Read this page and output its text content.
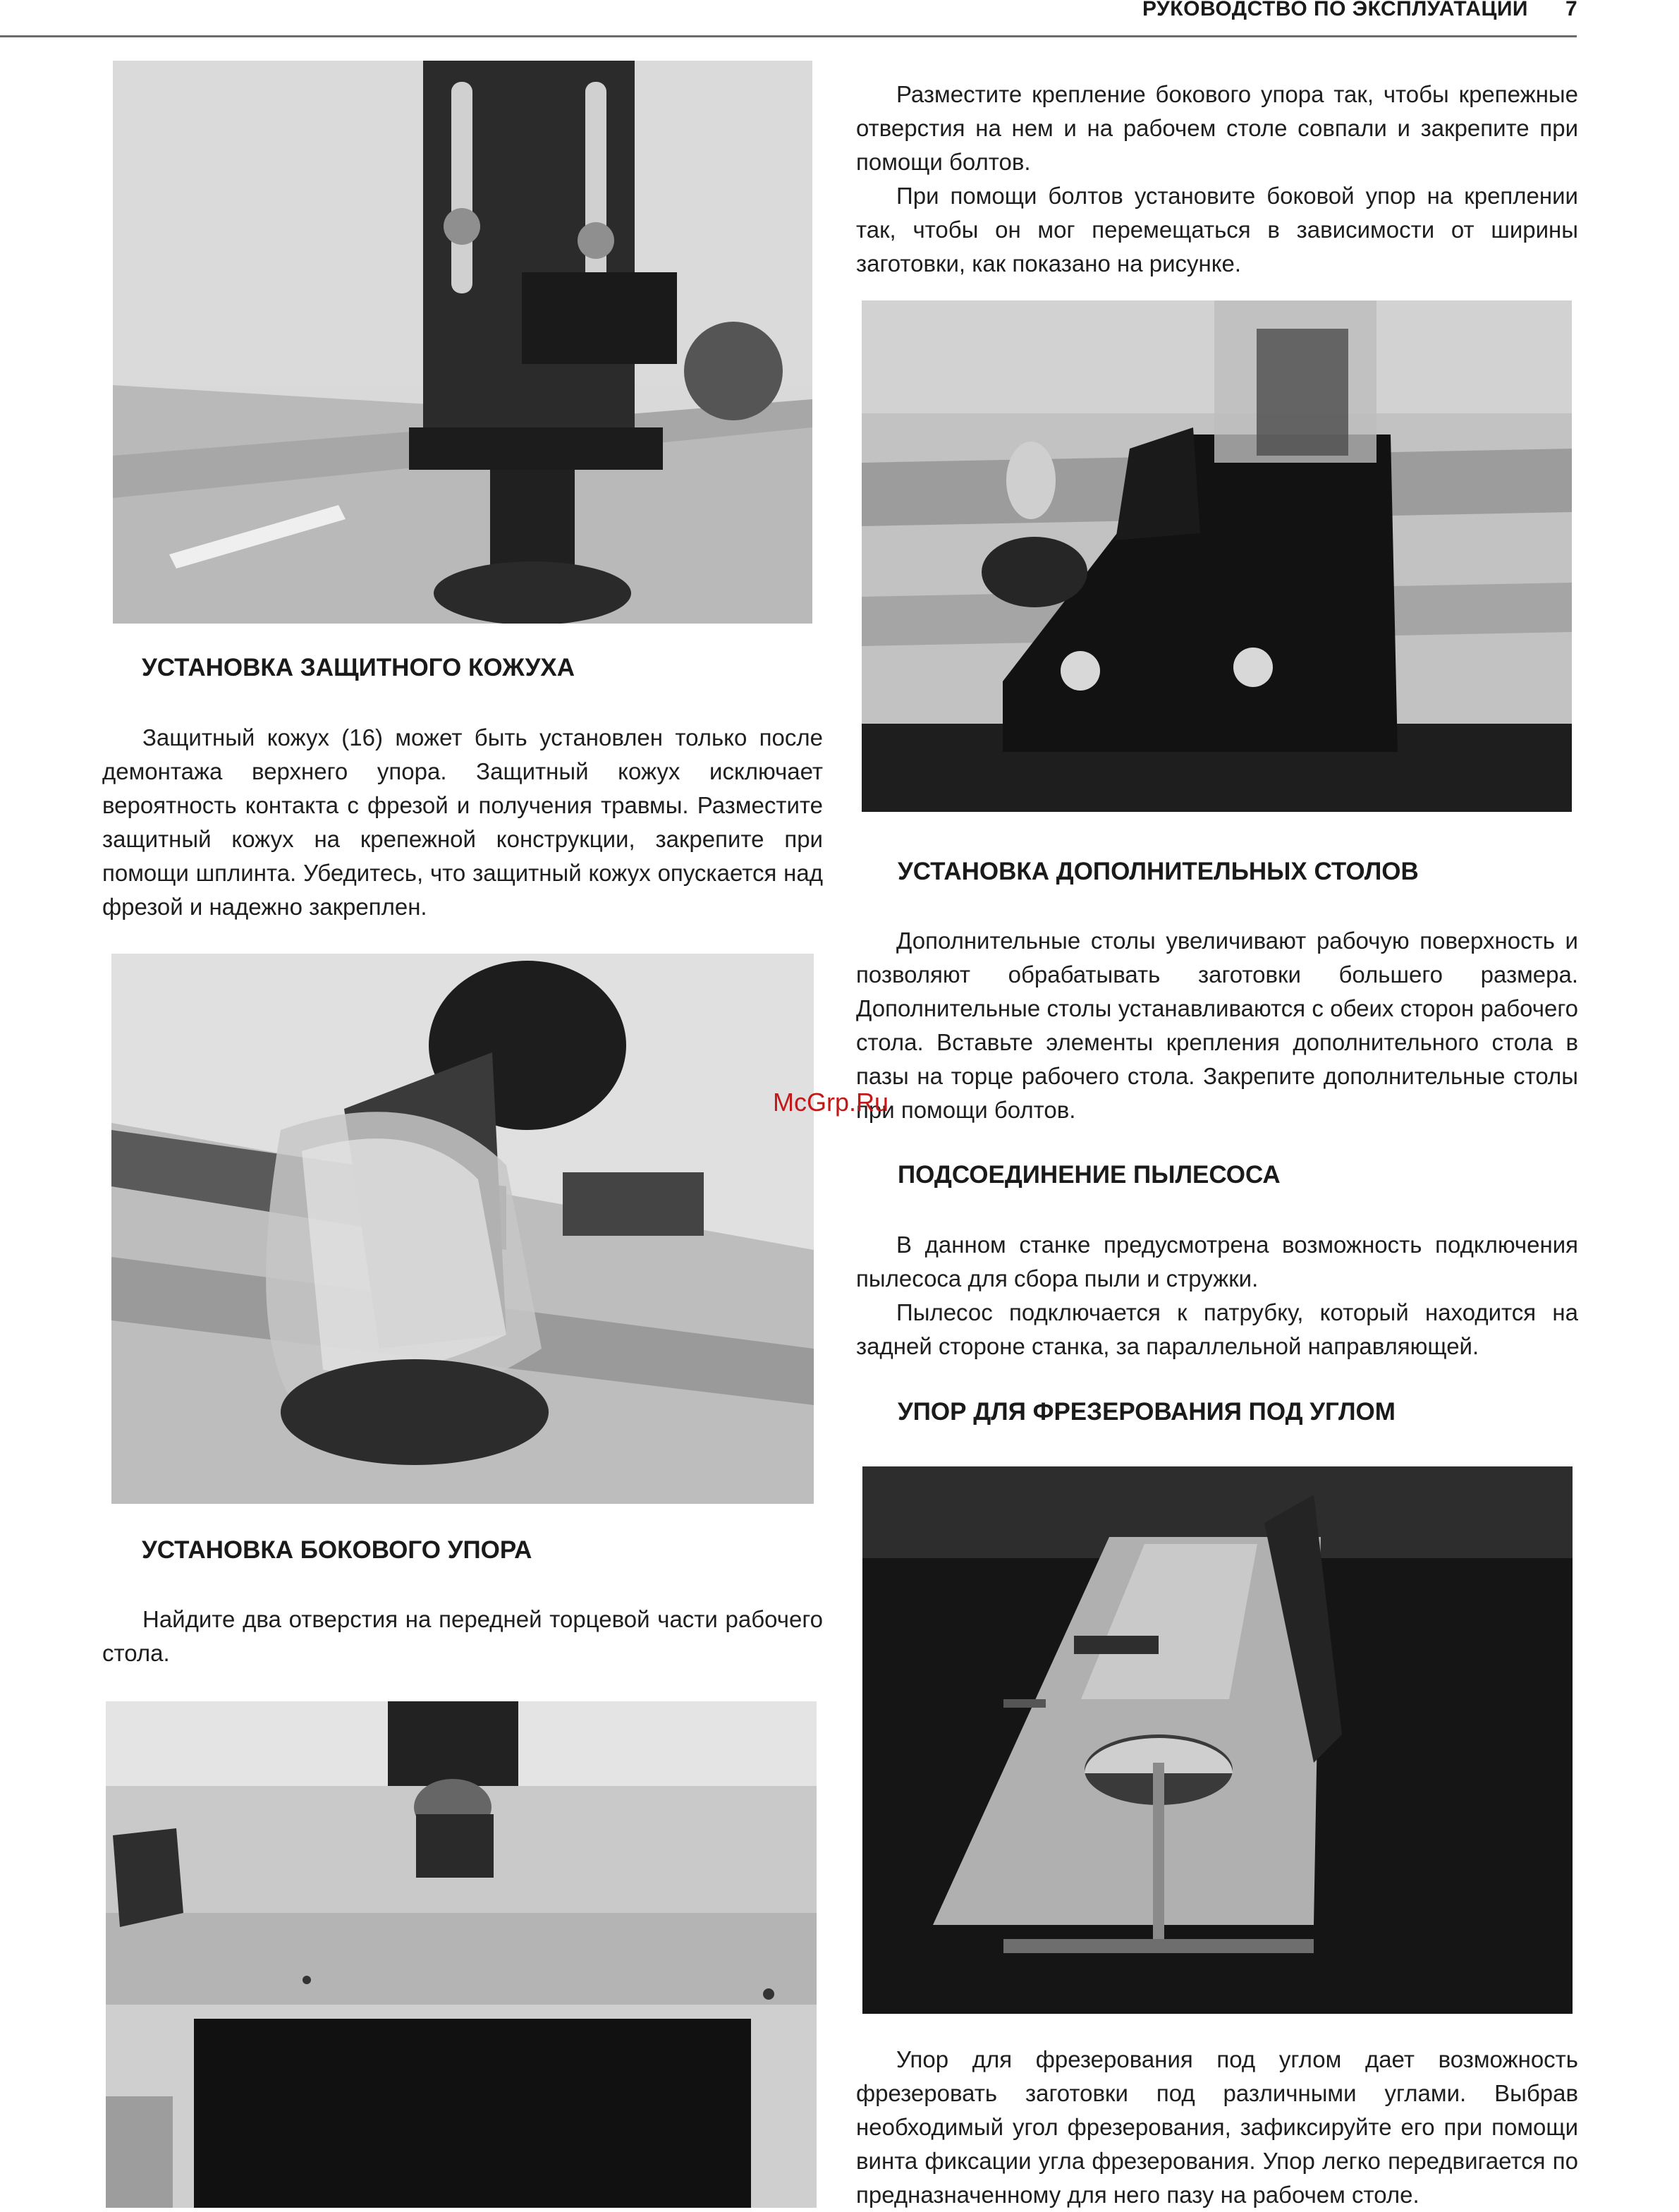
РУКОВОДСТВО ПО ЭКСПЛУАТАЦИИ 7
УСТАНОВКА ЗАЩИТНОГО КОЖУХА

Защитный кожух (16) может быть установлен только после демонтажа верхнего упора. Защитный кожух исключает вероятность контакта с фрезой и получения травмы. Разместите защитный кожух на крепежной конструкции, закрепите при помощи шплинта. Убедитесь, что защитный кожух опускается над фрезой и надежно закреплен.

УСТАНОВКА БОКОВОГО УПОРА

Найдите два отверстия на передней торцевой части рабочего стола.

Разместите крепление бокового упора так, чтобы крепежные отверстия на нем и на рабочем столе совпали и закрепите при помощи болтов.

При помощи болтов установите боковой упор на креплении так, чтобы он мог перемещаться в зависимости от ширины заготовки, как показано на рисунке.

УСТАНОВКА ДОПОЛНИТЕЛЬНЫХ СТОЛОВ

Дополнительные столы увеличивают рабочую поверхность и позволяют обрабатывать заготовки большего размера. Дополнительные столы устанавливаются с обеих сторон рабочего стола. Вставьте элементы крепления дополнительного стола в пазы на торце рабочего стола. Закрепите дополнительные столы при помощи болтов.

McGrp.Ru
ПОДСОЕДИНЕНИЕ ПЫЛЕСОСА

В данном станке предусмотрена возможность подключения пылесоса для сбора пыли и стружки.

Пылесос подключается к патрубку, который находится на задней стороне станка, за параллельной направляющей.

УПОР ДЛЯ ФРЕЗЕРОВАНИЯ ПОД УГЛОМ

Упор для фрезерования под углом дает возможность фрезеровать заготовки под различными углами. Выбрав необходимый угол фрезерования, зафиксируйте его при помощи винта фиксации угла фрезерования. Упор легко передвигается по предназначенному для него пазу на рабочем столе.
